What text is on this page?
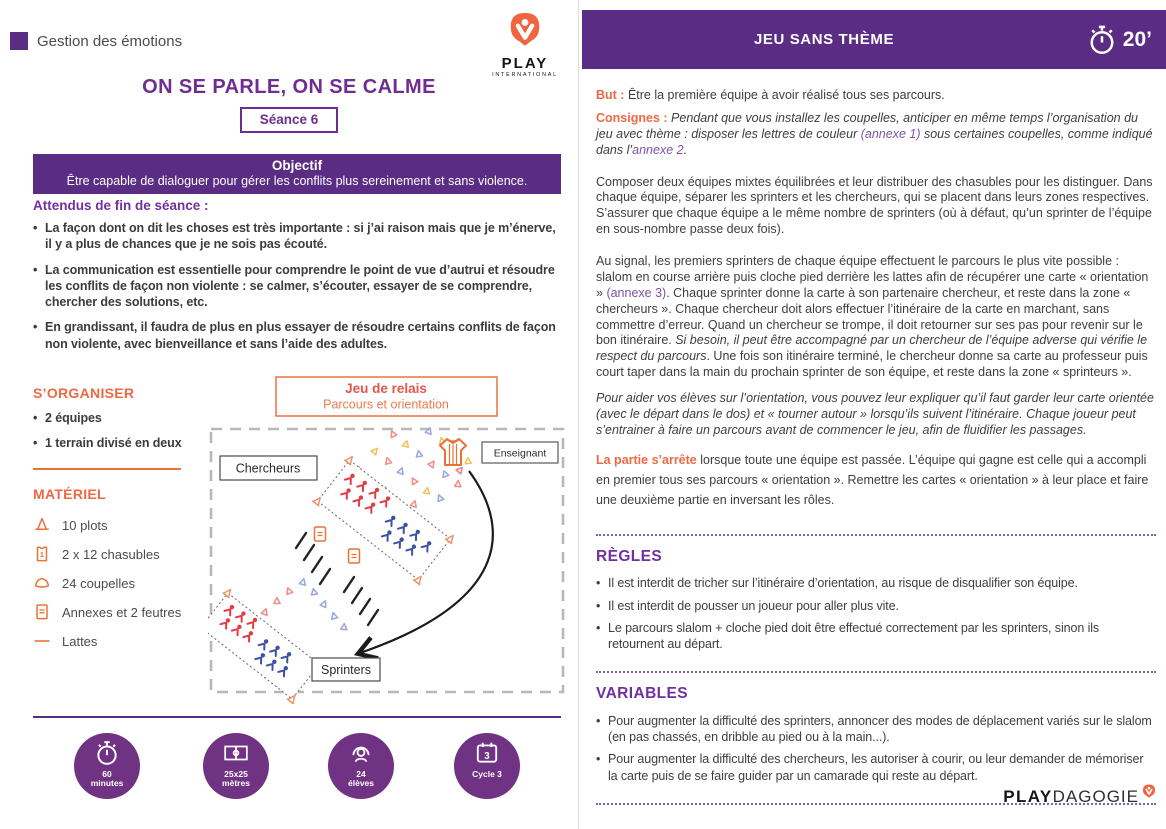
Gestion des émotions
PLAY
INTERNATIONAL
ON SE PARLE, ON SE CALME
Séance 6
Objectif

Être capable de dialoguer pour gérer les conflits plus sereinement et sans violence.

Attendus de fin de séance :
• La façon dont on dit les choses est très importante : si j’ai raison mais que je m’énerve, il y a plus de chances que je ne sois pas écouté.
• La communication est essentielle pour comprendre le point de vue d’autrui et résoudre les conflits de façon non violente : se calmer, s’écouter, essayer de se comprendre, chercher des solutions, etc.
• En grandissant, il faudra de plus en plus essayer de résoudre certains conflits de façon non violente, avec bienveillance et sans l’aide des adultes.

S’ORGANISER

• 2 équipes
• 1 terrain divisé en deux

MATÉRIEL

10 plots
1 2 x 12 chasubles
24 coupelles
Annexes et 2 feutres
Lattes
Jeu de relais
Parcours et orientation
Chercheurs
Enseignant
Sprinters
60
minutes
25x25
mètres
24
élèves
3
Cycle 3
JEU SANS THÈME	20’

But : Être la première équipe à avoir réalisé tous ses parcours.

Consignes : Pendant que vous installez les coupelles, anticiper en même temps l’organisation du jeu avec thème : disposer les lettres de couleur (annexe 1) sous certaines coupelles, comme indiqué dans l’annexe 2.

Composer deux équipes mixtes équilibrées et leur distribuer des chasubles pour les distinguer. Dans chaque équipe, séparer les sprinters et les chercheurs, qui se placent dans leurs zones respectives. S’assurer que chaque équipe a le même nombre de sprinters (où à défaut, qu’un sprinter de l’équipe en sous-nombre passe deux fois).

Au signal, les premiers sprinters de chaque équipe effectuent le parcours le plus vite possible : slalom en course arrière puis cloche pied derrière les lattes afin de récupérer une carte « orientation » (annexe 3). Chaque sprinter donne la carte à son partenaire chercheur, et reste dans la zone « chercheurs ». Chaque chercheur doit alors effectuer l’itinéraire de la carte en marchant, sans commettre d’erreur. Quand un chercheur se trompe, il doit retourner sur ses pas pour revenir sur le bon itinéraire. Si besoin, il peut être accompagné par un chercheur de l’équipe adverse qui vérifie le respect du parcours. Une fois son itinéraire terminé, le chercheur donne sa carte au professeur puis court taper dans la main du prochain sprinter de son équipe, et reste dans la zone « sprinteurs ».

Pour aider vos élèves sur l’orientation, vous pouvez leur expliquer qu’il faut garder leur carte orientée (avec le départ dans le dos) et « tourner autour » lorsqu’ils suivent l’itinéraire. Chaque joueur peut s’entrainer à faire un parcours avant de commencer le jeu, afin de fluidifier les passages.

La partie s’arrête lorsque toute une équipe est passée. L’équipe qui gagne est celle qui a accompli en premier tous ses parcours « orientation ». Remettre les cartes « orientation » à leur place et faire une deuxième partie en inversant les rôles.

RÈGLES
• Il est interdit de tricher sur l’itinéraire d’orientation, au risque de disqualifier son équipe.
• Il est interdit de pousser un joueur pour aller plus vite.
• Le parcours slalom + cloche pied doit être effectué correctement par les sprinters, sinon ils retournent au départ.
VARIABLES
• Pour augmenter la difficulté des sprinters, annoncer des modes de déplacement variés sur le slalom (en pas chassés, en dribble au pied ou à la main...).
• Pour augmenter la difficulté des chercheurs, les autoriser à courir, ou leur demander de mémoriser la carte puis de se faire guider par un camarade qui reste au départ.
PLAY DAGOGIE
